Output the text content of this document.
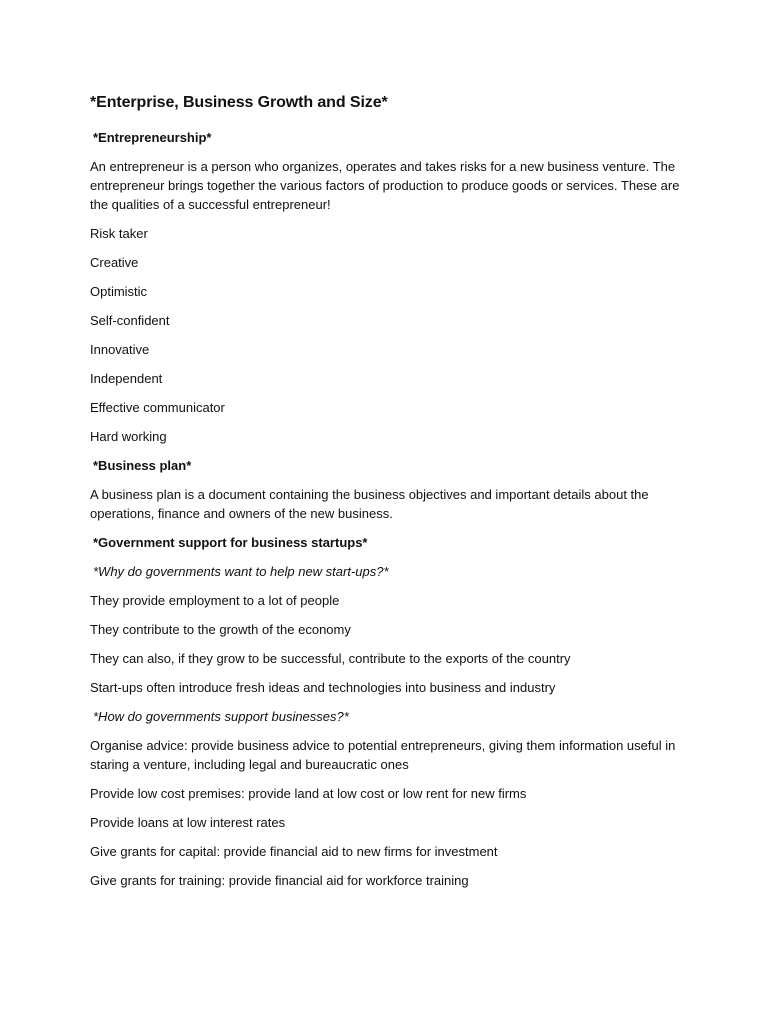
*Enterprise, Business Growth and Size*
*Entrepreneurship*
An entrepreneur is a person who organizes, operates and takes risks for a new business venture. The entrepreneur brings together the various factors of production to produce goods or services. These are the qualities of a successful entrepreneur!
Risk taker
Creative
Optimistic
Self-confident
Innovative
Independent
Effective communicator
Hard working
*Business plan*
A business plan is a document containing the business objectives and important details about the operations, finance and owners of the new business.
*Government support for business startups*
*Why do governments want to help new start-ups?*
They provide employment to a lot of people
They contribute to the growth of the economy
They can also, if they grow to be successful, contribute to the exports of the country
Start-ups often introduce fresh ideas and technologies into business and industry
*How do governments support businesses?*
Organise advice: provide business advice to potential entrepreneurs, giving them information useful in staring a venture, including legal and bureaucratic ones
Provide low cost premises: provide land at low cost or low rent for new firms
Provide loans at low interest rates
Give grants for capital: provide financial aid to new firms for investment
Give grants for training: provide financial aid for workforce training
